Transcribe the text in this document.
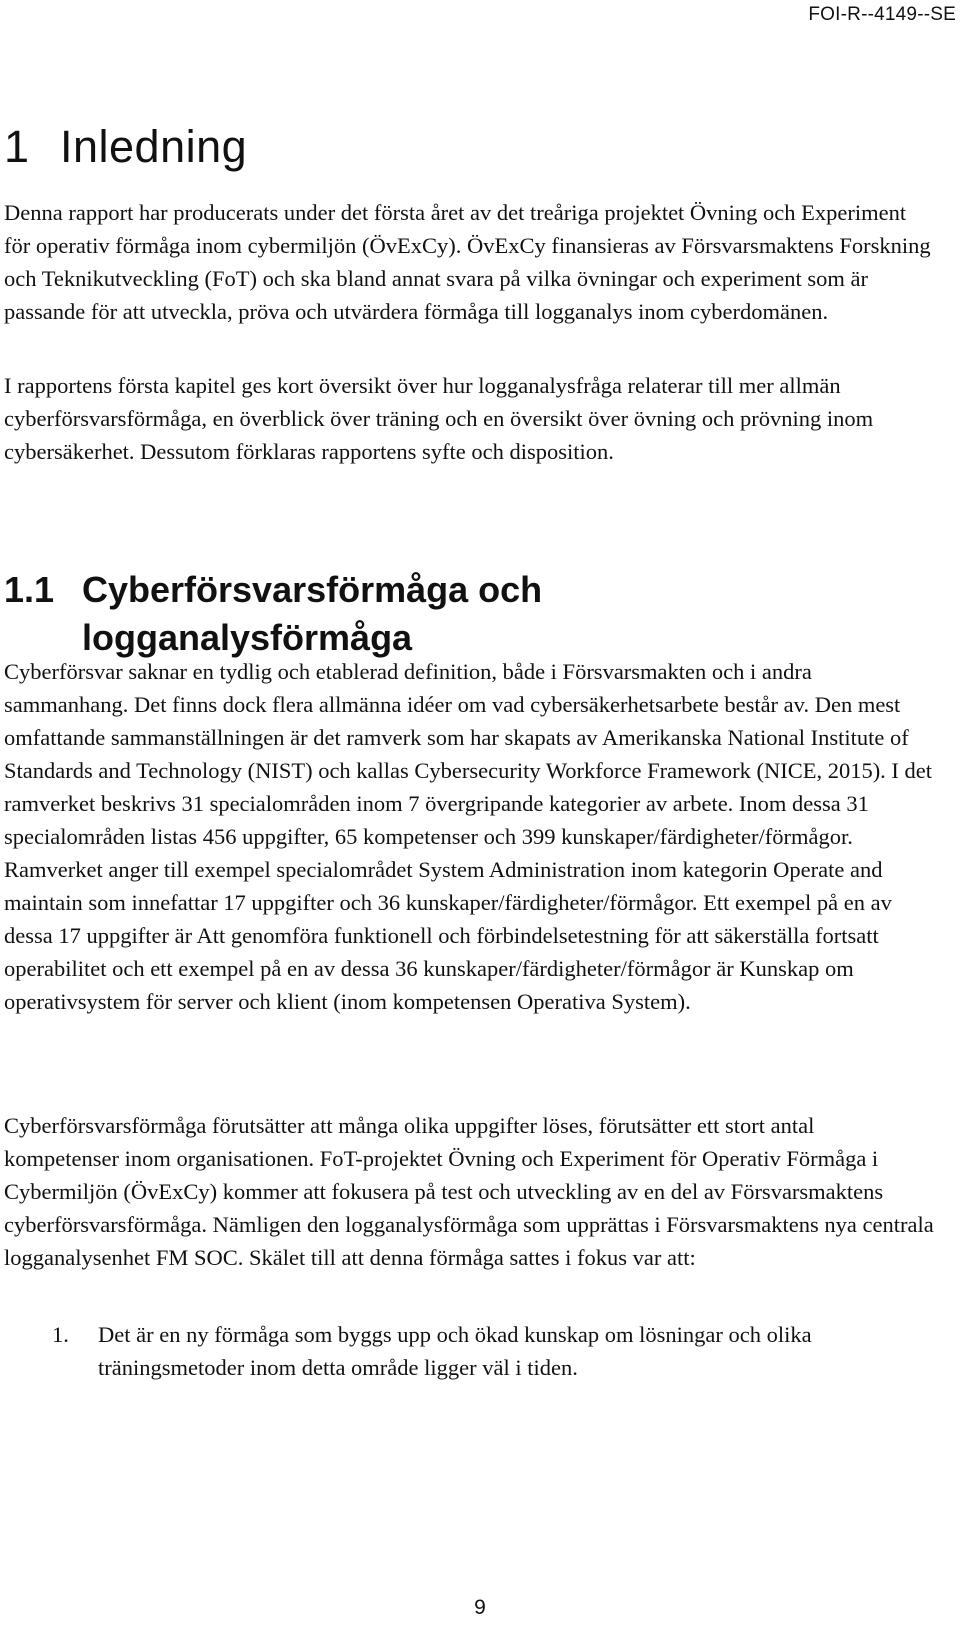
FOI-R--4149--SE
1 Inledning

Denna rapport har producerats under det första året av det treåriga projektet Övning och Experiment för operativ förmåga inom cybermiljön (ÖvExCy). ÖvExCy finansieras av Försvarsmaktens Forskning och Teknikutveckling (FoT) och ska bland annat svara på vilka övningar och experiment som är passande för att utveckla, pröva och utvärdera förmåga till logganalys inom cyberdomänen.

I rapportens första kapitel ges kort översikt över hur logganalysfråga relaterar till mer allmän cyberförsvarsförmåga, en överblick över träning och en översikt över övning och prövning inom cybersäkerhet. Dessutom förklaras rapportens syfte och disposition.

1.1 Cyberförsvarsförmåga och logganalysförmåga

Cyberförsvar saknar en tydlig och etablerad definition, både i Försvarsmakten och i andra sammanhang. Det finns dock flera allmänna idéer om vad cybersäkerhetsarbete består av. Den mest omfattande sammanställningen är det ramverk som har skapats av Amerikanska National Institute of Standards and Technology (NIST) och kallas Cybersecurity Workforce Framework (NICE, 2015). I det ramverket beskrivs 31 specialområden inom 7 övergripande kategorier av arbete. Inom dessa 31 specialområden listas 456 uppgifter, 65 kompetenser och 399 kunskaper/färdigheter/förmågor. Ramverket anger till exempel specialområdet System Administration inom kategorin Operate and maintain som innefattar 17 uppgifter och 36 kunskaper/färdigheter/förmågor. Ett exempel på en av dessa 17 uppgifter är Att genomföra funktionell och förbindelsetestning för att säkerställa fortsatt operabilitet och ett exempel på en av dessa 36 kunskaper/färdigheter/förmågor är Kunskap om operativsystem för server och klient (inom kompetensen Operativa System).

Cyberförsvarsförmåga förutsätter att många olika uppgifter löses, förutsätter ett stort antal kompetenser inom organisationen. FoT-projektet Övning och Experiment för Operativ Förmåga i Cybermiljön (ÖvExCy) kommer att fokusera på test och utveckling av en del av Försvarsmaktens cyberförsvarsförmåga. Nämligen den logganalysförmåga som upprättas i Försvarsmaktens nya centrala logganalysenhet FM SOC. Skälet till att denna förmåga sattes i fokus var att:

1. Det är en ny förmåga som byggs upp och ökad kunskap om lösningar och olika träningsmetoder inom detta område ligger väl i tiden.
9
